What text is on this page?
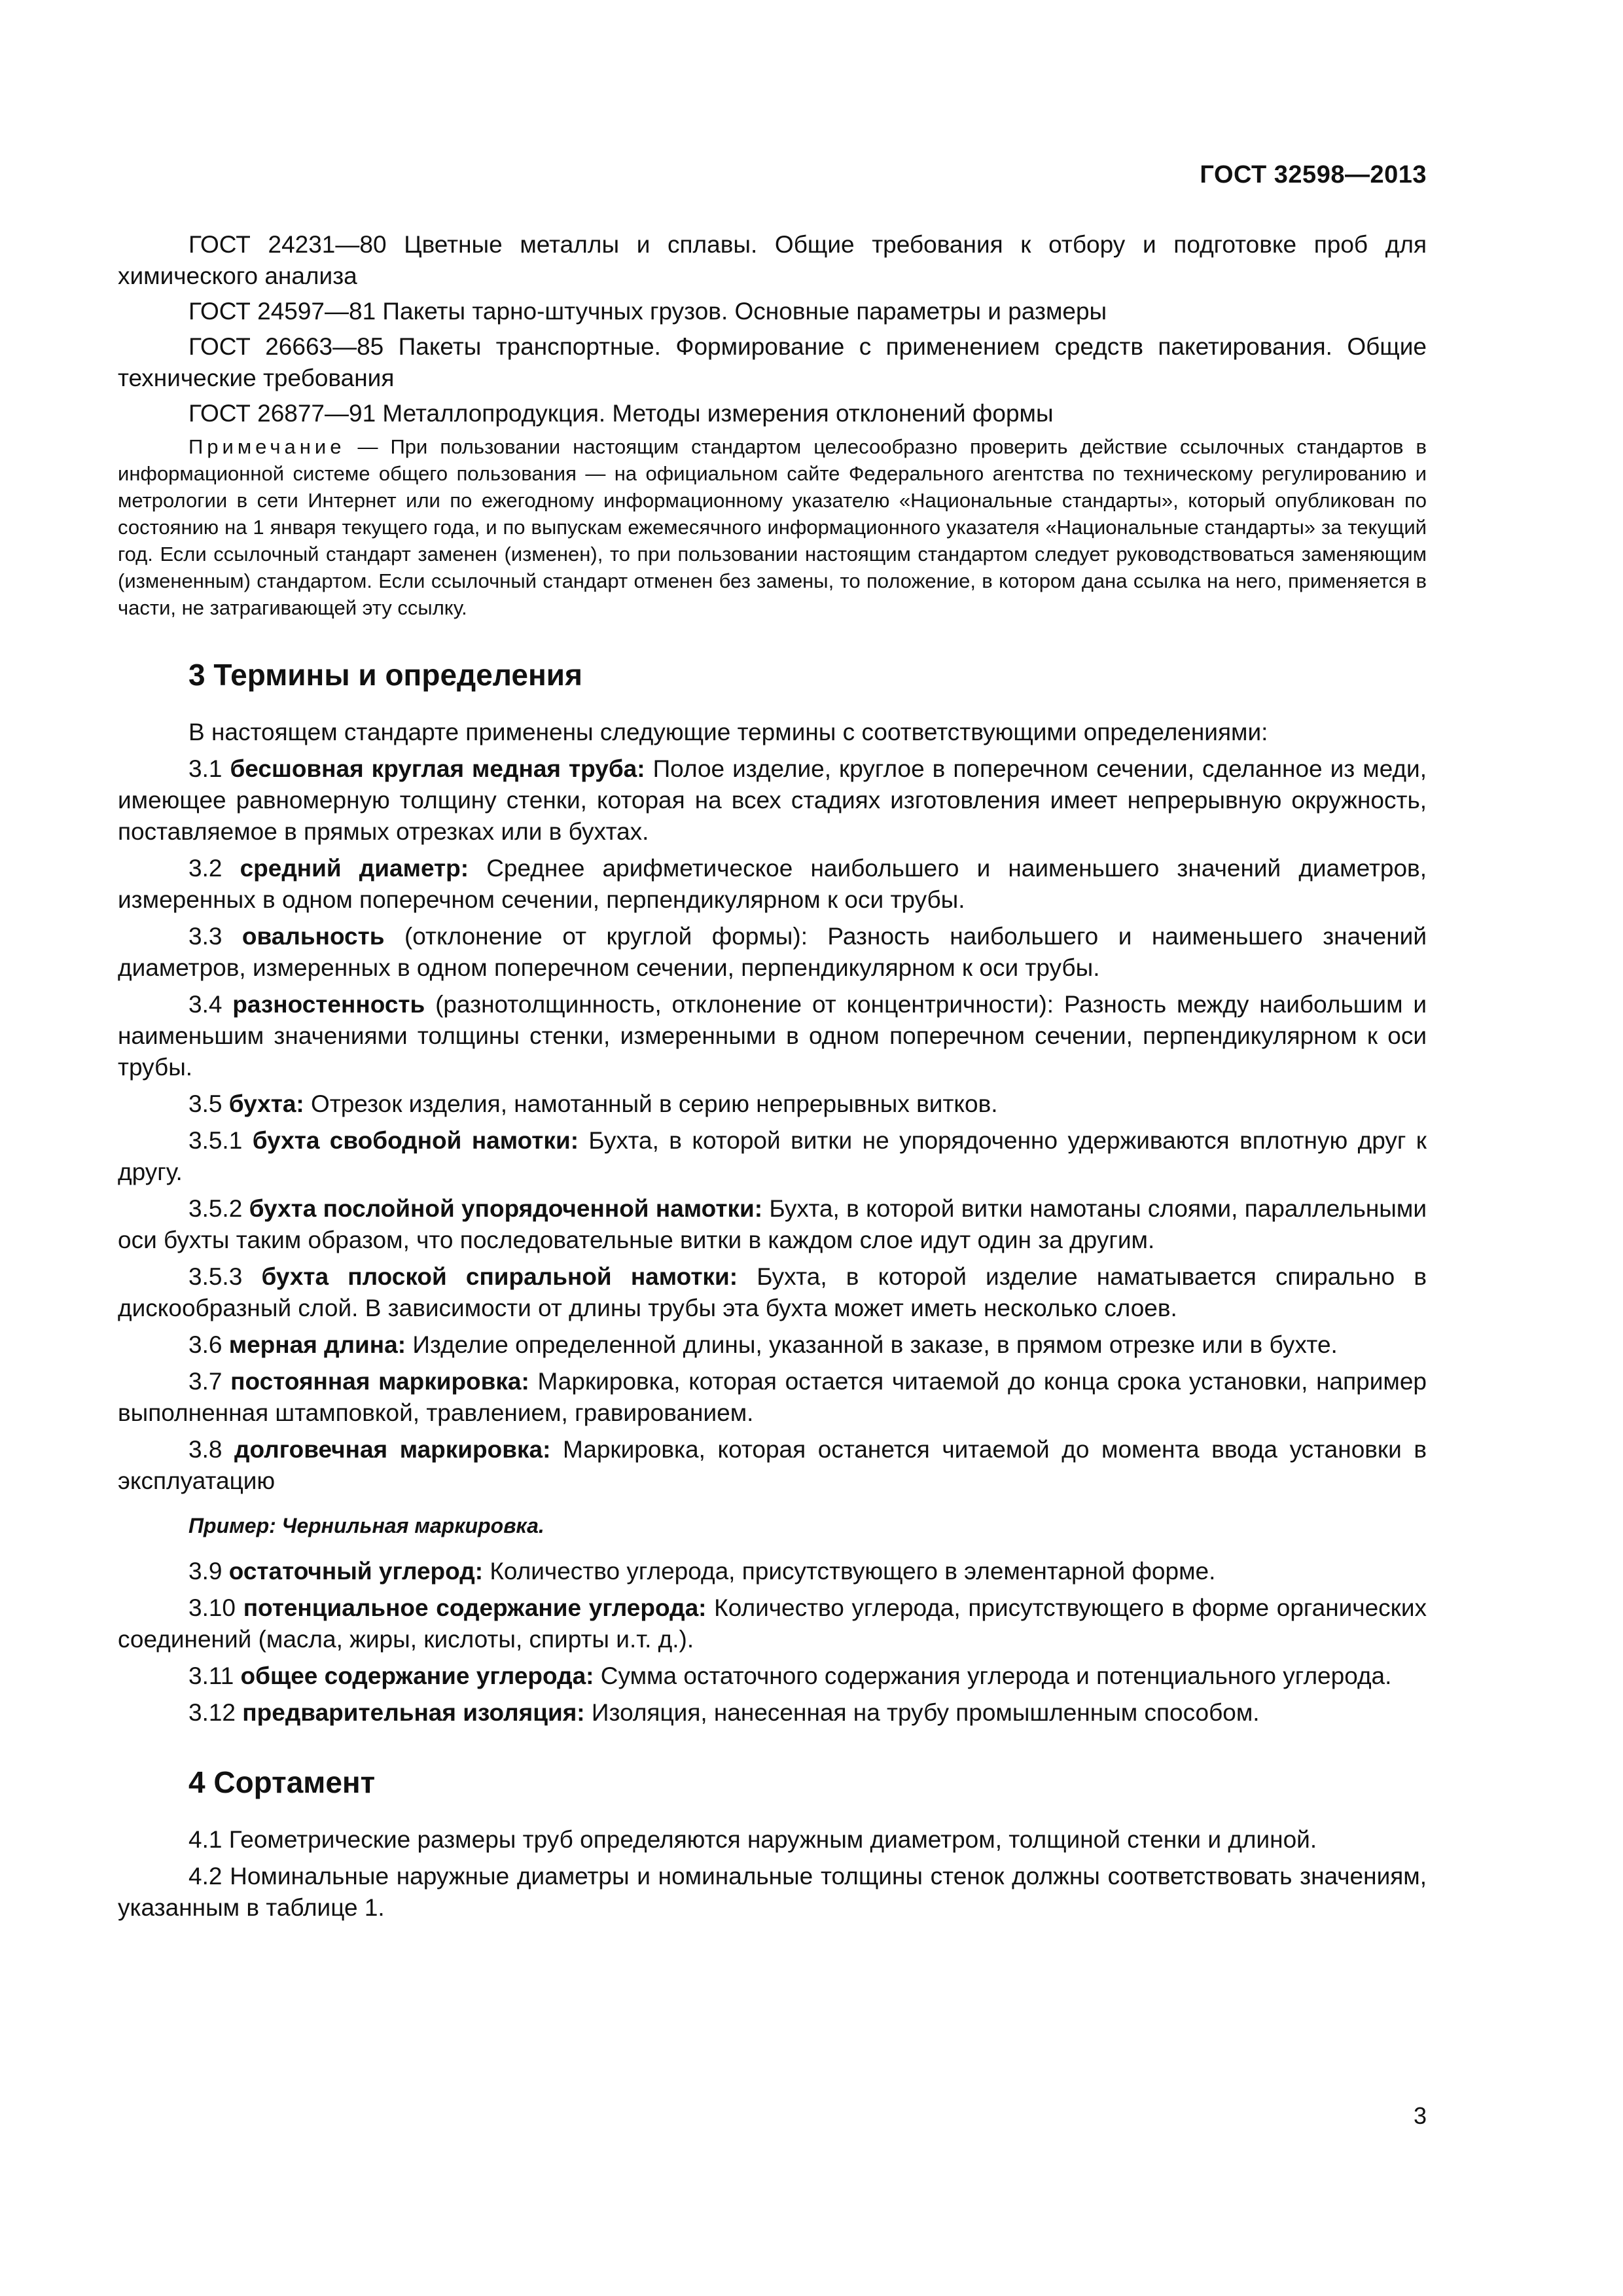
ГОСТ 32598—2013

ГОСТ 24231—80 Цветные металлы и сплавы. Общие требования к отбору и подготовке проб для химического анализа

ГОСТ 24597—81 Пакеты тарно-штучных грузов. Основные параметры и размеры

ГОСТ 26663—85 Пакеты транспортные. Формирование с применением средств пакетирования. Общие технические требования

ГОСТ 26877—91 Металлопродукция. Методы измерения отклонений формы

Примечание — При пользовании настоящим стандартом целесообразно проверить действие ссылочных стандартов в информационной системе общего пользования — на официальном сайте Федерального агентства по техническому регулированию и метрологии в сети Интернет или по ежегодному информационному указателю «Национальные стандарты», который опубликован по состоянию на 1 января текущего года, и по выпускам ежемесячного информационного указателя «Национальные стандарты» за текущий год. Если ссылочный стандарт заменен (изменен), то при пользовании настоящим стандартом следует руководствоваться заменяющим (измененным) стандартом. Если ссылочный стандарт отменен без замены, то положение, в котором дана ссылка на него, применяется в части, не затрагивающей эту ссылку.

3 Термины и определения

В настоящем стандарте применены следующие термины с соответствующими определениями:

3.1 бесшовная круглая медная труба: Полое изделие, круглое в поперечном сечении, сделанное из меди, имеющее равномерную толщину стенки, которая на всех стадиях изготовления имеет непрерывную окружность, поставляемое в прямых отрезках или в бухтах.

3.2 средний диаметр: Среднее арифметическое наибольшего и наименьшего значений диаметров, измеренных в одном поперечном сечении, перпендикулярном к оси трубы.

3.3 овальность (отклонение от круглой формы): Разность наибольшего и наименьшего значений диаметров, измеренных в одном поперечном сечении, перпендикулярном к оси трубы.

3.4 разностенность (разнотолщинность, отклонение от концентричности): Разность между наибольшим и наименьшим значениями толщины стенки, измеренными в одном поперечном сечении, перпендикулярном к оси трубы.

3.5 бухта: Отрезок изделия, намотанный в серию непрерывных витков.

3.5.1 бухта свободной намотки: Бухта, в которой витки не упорядоченно удерживаются вплотную друг к другу.

3.5.2 бухта послойной упорядоченной намотки: Бухта, в которой витки намотаны слоями, параллельными оси бухты таким образом, что последовательные витки в каждом слое идут один за другим.

3.5.3 бухта плоской спиральной намотки: Бухта, в которой изделие наматывается спирально в дискообразный слой. В зависимости от длины трубы эта бухта может иметь несколько слоев.

3.6 мерная длина: Изделие определенной длины, указанной в заказе, в прямом отрезке или в бухте.

3.7 постоянная маркировка: Маркировка, которая остается читаемой до конца срока установки, например выполненная штамповкой, травлением, гравированием.

3.8 долговечная маркировка: Маркировка, которая останется читаемой до момента ввода установки в эксплуатацию

Пример: Чернильная маркировка.

3.9 остаточный углерод: Количество углерода, присутствующего в элементарной форме.

3.10 потенциальное содержание углерода: Количество углерода, присутствующего в форме органических соединений (масла, жиры, кислоты, спирты и.т. д.).

3.11 общее содержание углерода: Сумма остаточного содержания углерода и потенциального углерода.

3.12 предварительная изоляция: Изоляция, нанесенная на трубу промышленным способом.

4 Сортамент

4.1 Геометрические размеры труб определяются наружным диаметром, толщиной стенки и длиной.

4.2 Номинальные наружные диаметры и номинальные толщины стенок должны соответствовать значениям, указанным в таблице 1.

3
